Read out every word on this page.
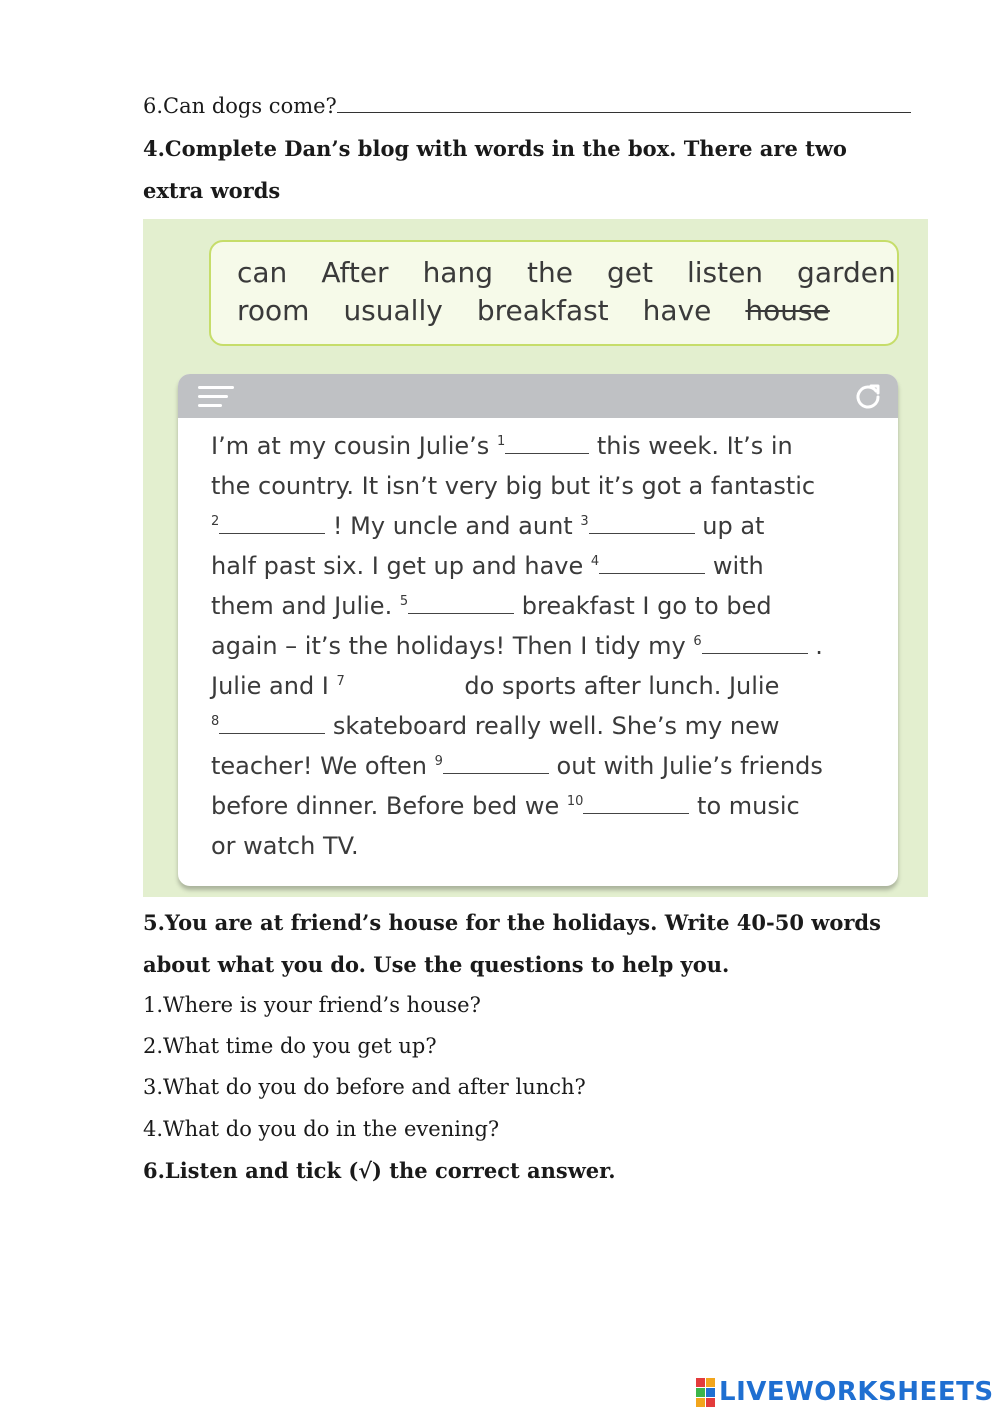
6.Can dogs come?
4.Complete Dan’s blog with words in the box. There are two
extra words
can After hang the get listen garden
room usually breakfast have house
I’m at my cousin Julie’s $^1$	this week. It’s in
the country. It isn’t very big but it’s got a fantastic
$^2$	! My uncle and aunt $^3$	up at
half past six. I get up and have $^4$	with
them and Julie. $^5$	breakfast I go to bed
again – it’s the holidays! Then I tidy my $^6$	.
Julie and I $^7$	do sports after lunch. Julie
$^8$	skateboard really well. She’s my new
teacher! We often $^9$	out with Julie’s friends
before dinner. Before bed we $^{10}$	to music
or watch TV.
5.You are at friend’s house for the holidays. Write 40-50 words
about what you do. Use the questions to help you.
1.Where is your friend’s house?
2.What time do you get up?
3.What do you do before and after lunch?
4.What do you do in the evening?
6.Listen and tick (√) the correct answer.
LIVEWORKSHEETS
